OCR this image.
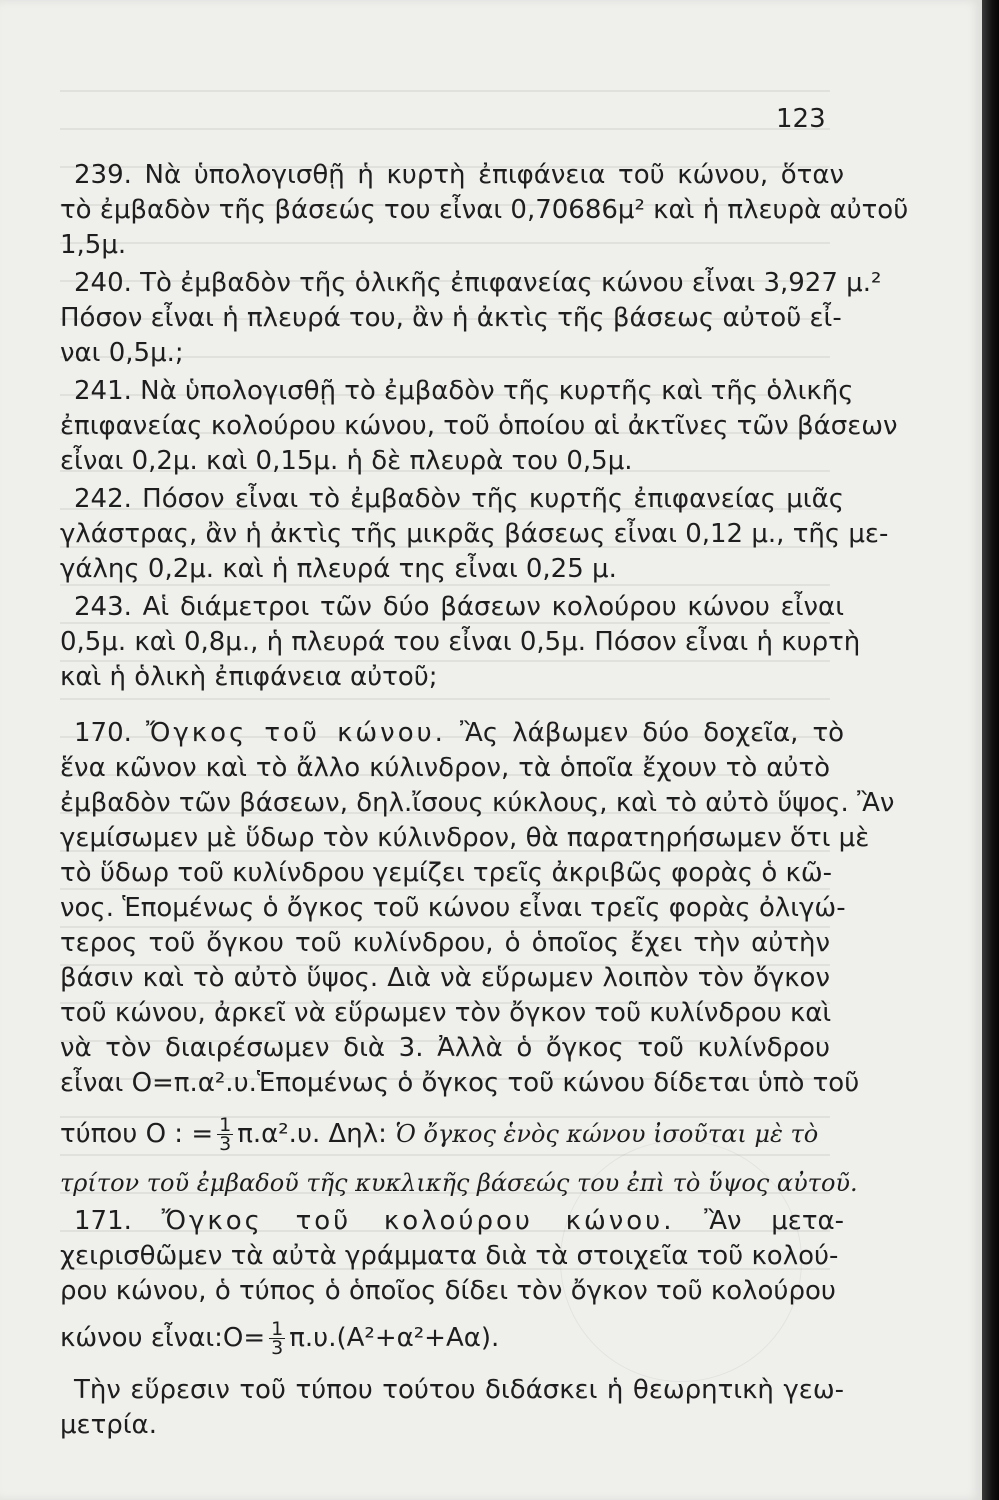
123

239. Νὰ ὑπολογισθῇ ἡ κυρτὴ ἐπιφάνεια τοῦ κώνου, ὅταν

τὸ ἐμβαδὸν τῆς βάσεώς του εἶναι 0,70686μ² καὶ ἡ πλευρὰ αὐτοῦ

1,5μ.

240. Τὸ ἐμβαδὸν τῆς ὁλικῆς ἐπιφανείας κώνου εἶναι 3,927 μ.²

Πόσον εἶναι ἡ πλευρά του, ἂν ἡ ἀκτὶς τῆς βάσεως αὐτοῦ εἶ-

ναι 0,5μ.;

241. Νὰ ὑπολογισθῇ τὸ ἐμβαδὸν τῆς κυρτῆς καὶ τῆς ὁλικῆς

ἐπιφανείας κολούρου κώνου, τοῦ ὁποίου αἱ ἀκτῖνες τῶν βάσεων

εἶναι 0,2μ. καὶ 0,15μ. ἡ δὲ πλευρὰ του 0,5μ.

242. Πόσον εἶναι τὸ ἐμβαδὸν τῆς κυρτῆς ἐπιφανείας μιᾶς

γλάστρας, ἂν ἡ ἀκτὶς τῆς μικρᾶς βάσεως εἶναι 0,12 μ., τῆς με-

γάλης 0,2μ. καὶ ἡ πλευρά της εἶναι 0,25 μ.

243. Αἱ διάμετροι τῶν δύο βάσεων κολούρου κώνου εἶναι

0,5μ. καὶ 0,8μ., ἡ πλευρά του εἶναι 0,5μ. Πόσον εἶναι ἡ κυρτὴ

καὶ ἡ ὁλικὴ ἐπιφάνεια αὐτοῦ;

170. Ὄγκος τοῦ κώνου. Ἂς λάβωμεν δύο δοχεῖα, τὸ

ἕνα κῶνον καὶ τὸ ἄλλο κύλινδρον, τὰ ὁποῖα ἔχουν τὸ αὐτὸ

ἐμβαδὸν τῶν βάσεων, δηλ.ἴσους κύκλους, καὶ τὸ αὐτὸ ὕψος. Ἂν

γεμίσωμεν μὲ ὕδωρ τὸν κύλινδρον, θὰ παρατηρήσωμεν ὅτι μὲ

τὸ ὕδωρ τοῦ κυλίνδρου γεμίζει τρεῖς ἀκριβῶς φορὰς ὁ κῶ-

νος. Ἑπομένως ὁ ὄγκος τοῦ κώνου εἶναι τρεῖς φορὰς ὀλιγώ-

τερος τοῦ ὄγκου τοῦ κυλίνδρου, ὁ ὁποῖος ἔχει τὴν αὐτὴν

βάσιν καὶ τὸ αὐτὸ ὕψος. Διὰ νὰ εὕρωμεν λοιπὸν τὸν ὄγκον

τοῦ κώνου, ἀρκεῖ νὰ εὕρωμεν τὸν ὄγκον τοῦ κυλίνδρου καὶ

νὰ τὸν διαιρέσωμεν διὰ 3. Ἀλλὰ ὁ ὄγκος τοῦ κυλίνδρου

εἶναι Ο=π.α².υ.Ἑπομένως ὁ ὄγκος τοῦ κώνου δίδεται ὑπὸ τοῦ

τύπου Ο : = $\frac{1}{3} \pi.\alpha^2.\upsilon$. Δηλ: Ὁ ὄγκος ἑνὸς κώνου ἰσοῦται μὲ τὸ

τρίτον τοῦ ἐμβαδοῦ τῆς κυκλικῆς βάσεώς του ἐπὶ τὸ ὕψος αὐτοῦ.

171. Ὄγκος τοῦ κολούρου κώνου. Ἂν μετα-

χειρισθῶμεν τὰ αὐτὰ γράμματα διὰ τὰ στοιχεῖα τοῦ κολού-

ρου κώνου, ὁ τύπος ὁ ὁποῖος δίδει τὸν ὄγκον τοῦ κολούρου

κώνου εἶναι:Ο= $\frac{1}{3} \pi.\upsilon.(A^2+\alpha^2+A\alpha)$.

Τὴν εὕρεσιν τοῦ τύπου τούτου διδάσκει ἡ θεωρητικὴ γεω-

μετρία.
